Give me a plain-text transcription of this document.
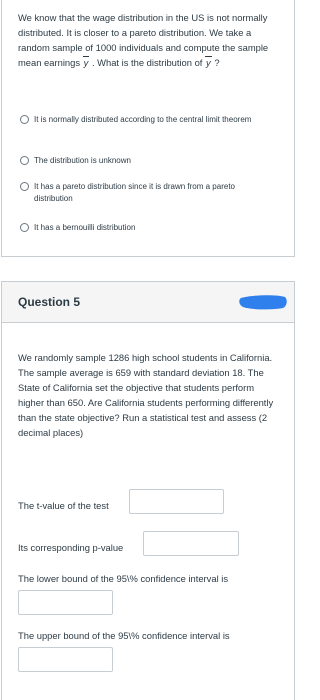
We know that the wage distribution in the US is not normally distributed. It is closer to a pareto distribution. We take a random sample of 1000 individuals and compute the sample mean earnings y . What is the distribution of y ?
It is normally distributed according to the central limit theorem
The distribution is unknown
It has a pareto distribution since it is drawn from a pareto distribution
It has a bernouilli distribution
Question 5
We randomly sample 1286 high school students in California. The sample average is 659 with standard deviation 18. The State of California set the objective that students perform higher than 650. Are California students performing differently than the state objective? Run a statistical test and assess (2 decimal places)
The t-value of the test
Its corresponding p-value
The lower bound of the 95\% confidence interval is
The upper bound of the 95\% confidence interval is
